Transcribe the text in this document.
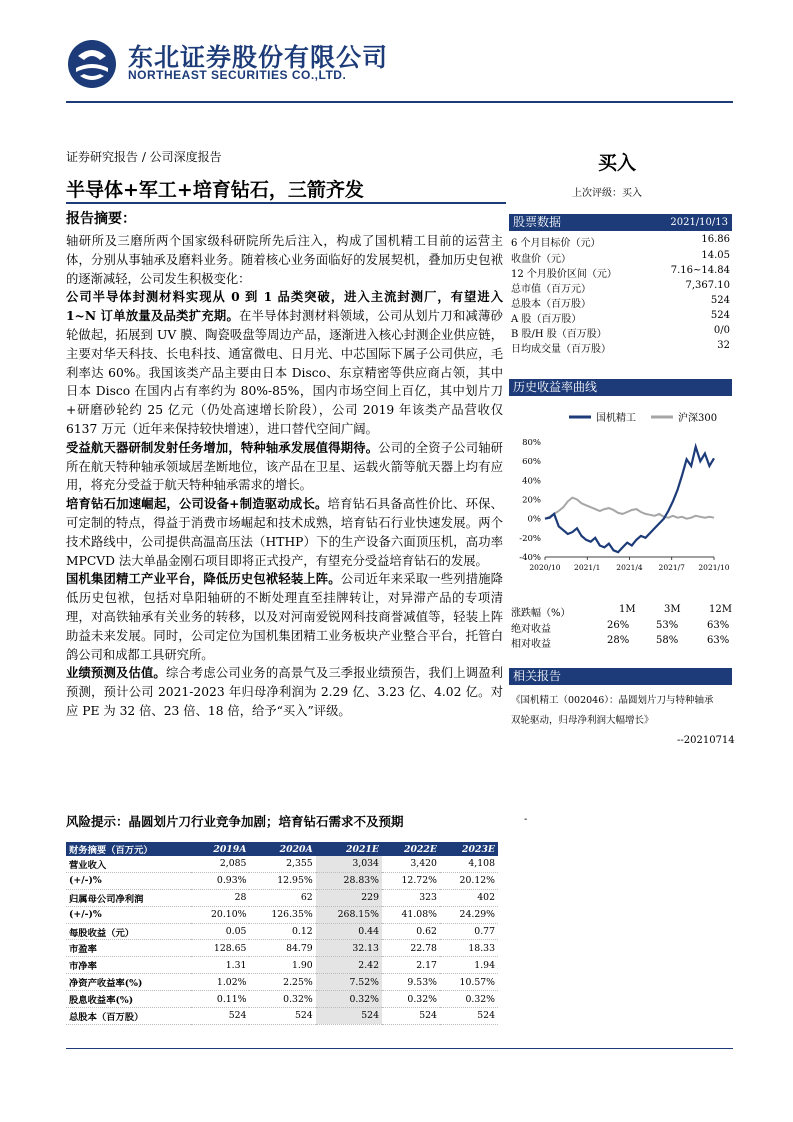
东北证券股份有限公司
NORTHEAST SECURITIES CO.,LTD.
证券研究报告 / 公司深度报告
半导体+军工+培育钻石，三箭齐发
买入
上次评级：买入
报告摘要：

轴研所及三磨所两个国家级科研院所先后注入，构成了国机精工目前的运营主体，分别从事轴承及磨料业务。随着核心业务面临好的发展契机，叠加历史包袱的逐渐减轻，公司发生积极变化：

公司半导体封测材料实现从 0 到 1 品类突破，进入主流封测厂，有望进入 1~N 订单放量及品类扩充期。在半导体封测材料领域，公司从划片刀和减薄砂轮做起，拓展到 UV 膜、陶瓷吸盘等周边产品，逐渐进入核心封测企业供应链，主要对华天科技、长电科技、通富微电、日月光、中芯国际下属子公司供应，毛利率达 60%。我国该类产品主要由日本 Disco、东京精密等供应商占领，其中日本 Disco 在国内占有率约为 80%-85%，国内市场空间上百亿，其中划片刀+研磨砂轮约 25 亿元（仍处高速增长阶段），公司 2019 年该类产品营收仅 6137 万元（近年来保持较快增速），进口替代空间广阔。

受益航天器研制发射任务增加，特种轴承发展值得期待。公司的全资子公司轴研所在航天特种轴承领域居垄断地位，该产品在卫星、运载火箭等航天器上均有应用，将充分受益于航天特种轴承需求的增长。

培育钻石加速崛起，公司设备+制造驱动成长。培育钻石具备高性价比、环保、可定制的特点，得益于消费市场崛起和技术成熟，培育钻石行业快速发展。两个技术路线中，公司提供高温高压法（HTHP）下的生产设备六面顶压机，高功率 MPCVD 法大单晶金刚石项目即将正式投产，有望充分受益培育钻石的发展。

国机集团精工产业平台，降低历史包袱轻装上阵。公司近年来采取一些列措施降低历史包袱，包括对阜阳轴研的不断处理直至挂牌转让，对异滞产品的专项清理，对高铁轴承有关业务的转移，以及对河南爱锐网科技商誉减值等，轻装上阵助益未来发展。同时，公司定位为国机集团精工业务板块产业整合平台，托管白鸽公司和成都工具研究所。

业绩预测及估值。综合考虑公司业务的高景气及三季报业绩预告，我们上调盈利预测，预计公司 2021-2023 年归母净利润为 2.29 亿、3.23 亿、4.02 亿。对应 PE 为 32 倍、23 倍、18 倍，给予“买入”评级。

风险提示：晶圆划片刀行业竞争加剧；培育钻石需求不及预期
股票数据	2021/10/13
6 个月目标价（元）	16.86
收盘价（元）	14.05
12 个月股价区间（元）	7.16~14.84
总市值（百万元）	7,367.10
总股本（百万股）	524
A 股（百万股）	524
B 股/H 股（百万股）	0/0
日均成交量（百万股）	32
历史收益率曲线
国机精工	沪深300
80%
60%
40%
20%
0%
-20%
-40%
2020/10 2021/1 2021/4 2021/7 2021/10
涨跌幅（%）	1M	3M	12M
绝对收益	26%	53%	63%
相对收益	28%	58%	63%
相关报告
《国机精工（002046）：晶圆划片刀与特种轴承
双轮驱动，归母净利润大幅增长》
--20210714
-
财务摘要（百万元）	2019A	2020A	2021E	2022E	2023E
营业收入	2,085	2,355	3,034	3,420	4,108
(+/-)%	0.93%	12.95%	28.83%	12.72%	20.12%
归属母公司净利润	28	62	229	323	402
(+/-)%	20.10%	126.35%	268.15%	41.08%	24.29%
每股收益（元）	0.05	0.12	0.44	0.62	0.77
市盈率	128.65	84.79	32.13	22.78	18.33
市净率	1.31	1.90	2.42	2.17	1.94
净资产收益率(%)	1.02%	2.25%	7.52%	9.53%	10.57%
股息收益率(%)	0.11%	0.32%	0.32%	0.32%	0.32%
总股本（百万股）	524	524	524	524	524
